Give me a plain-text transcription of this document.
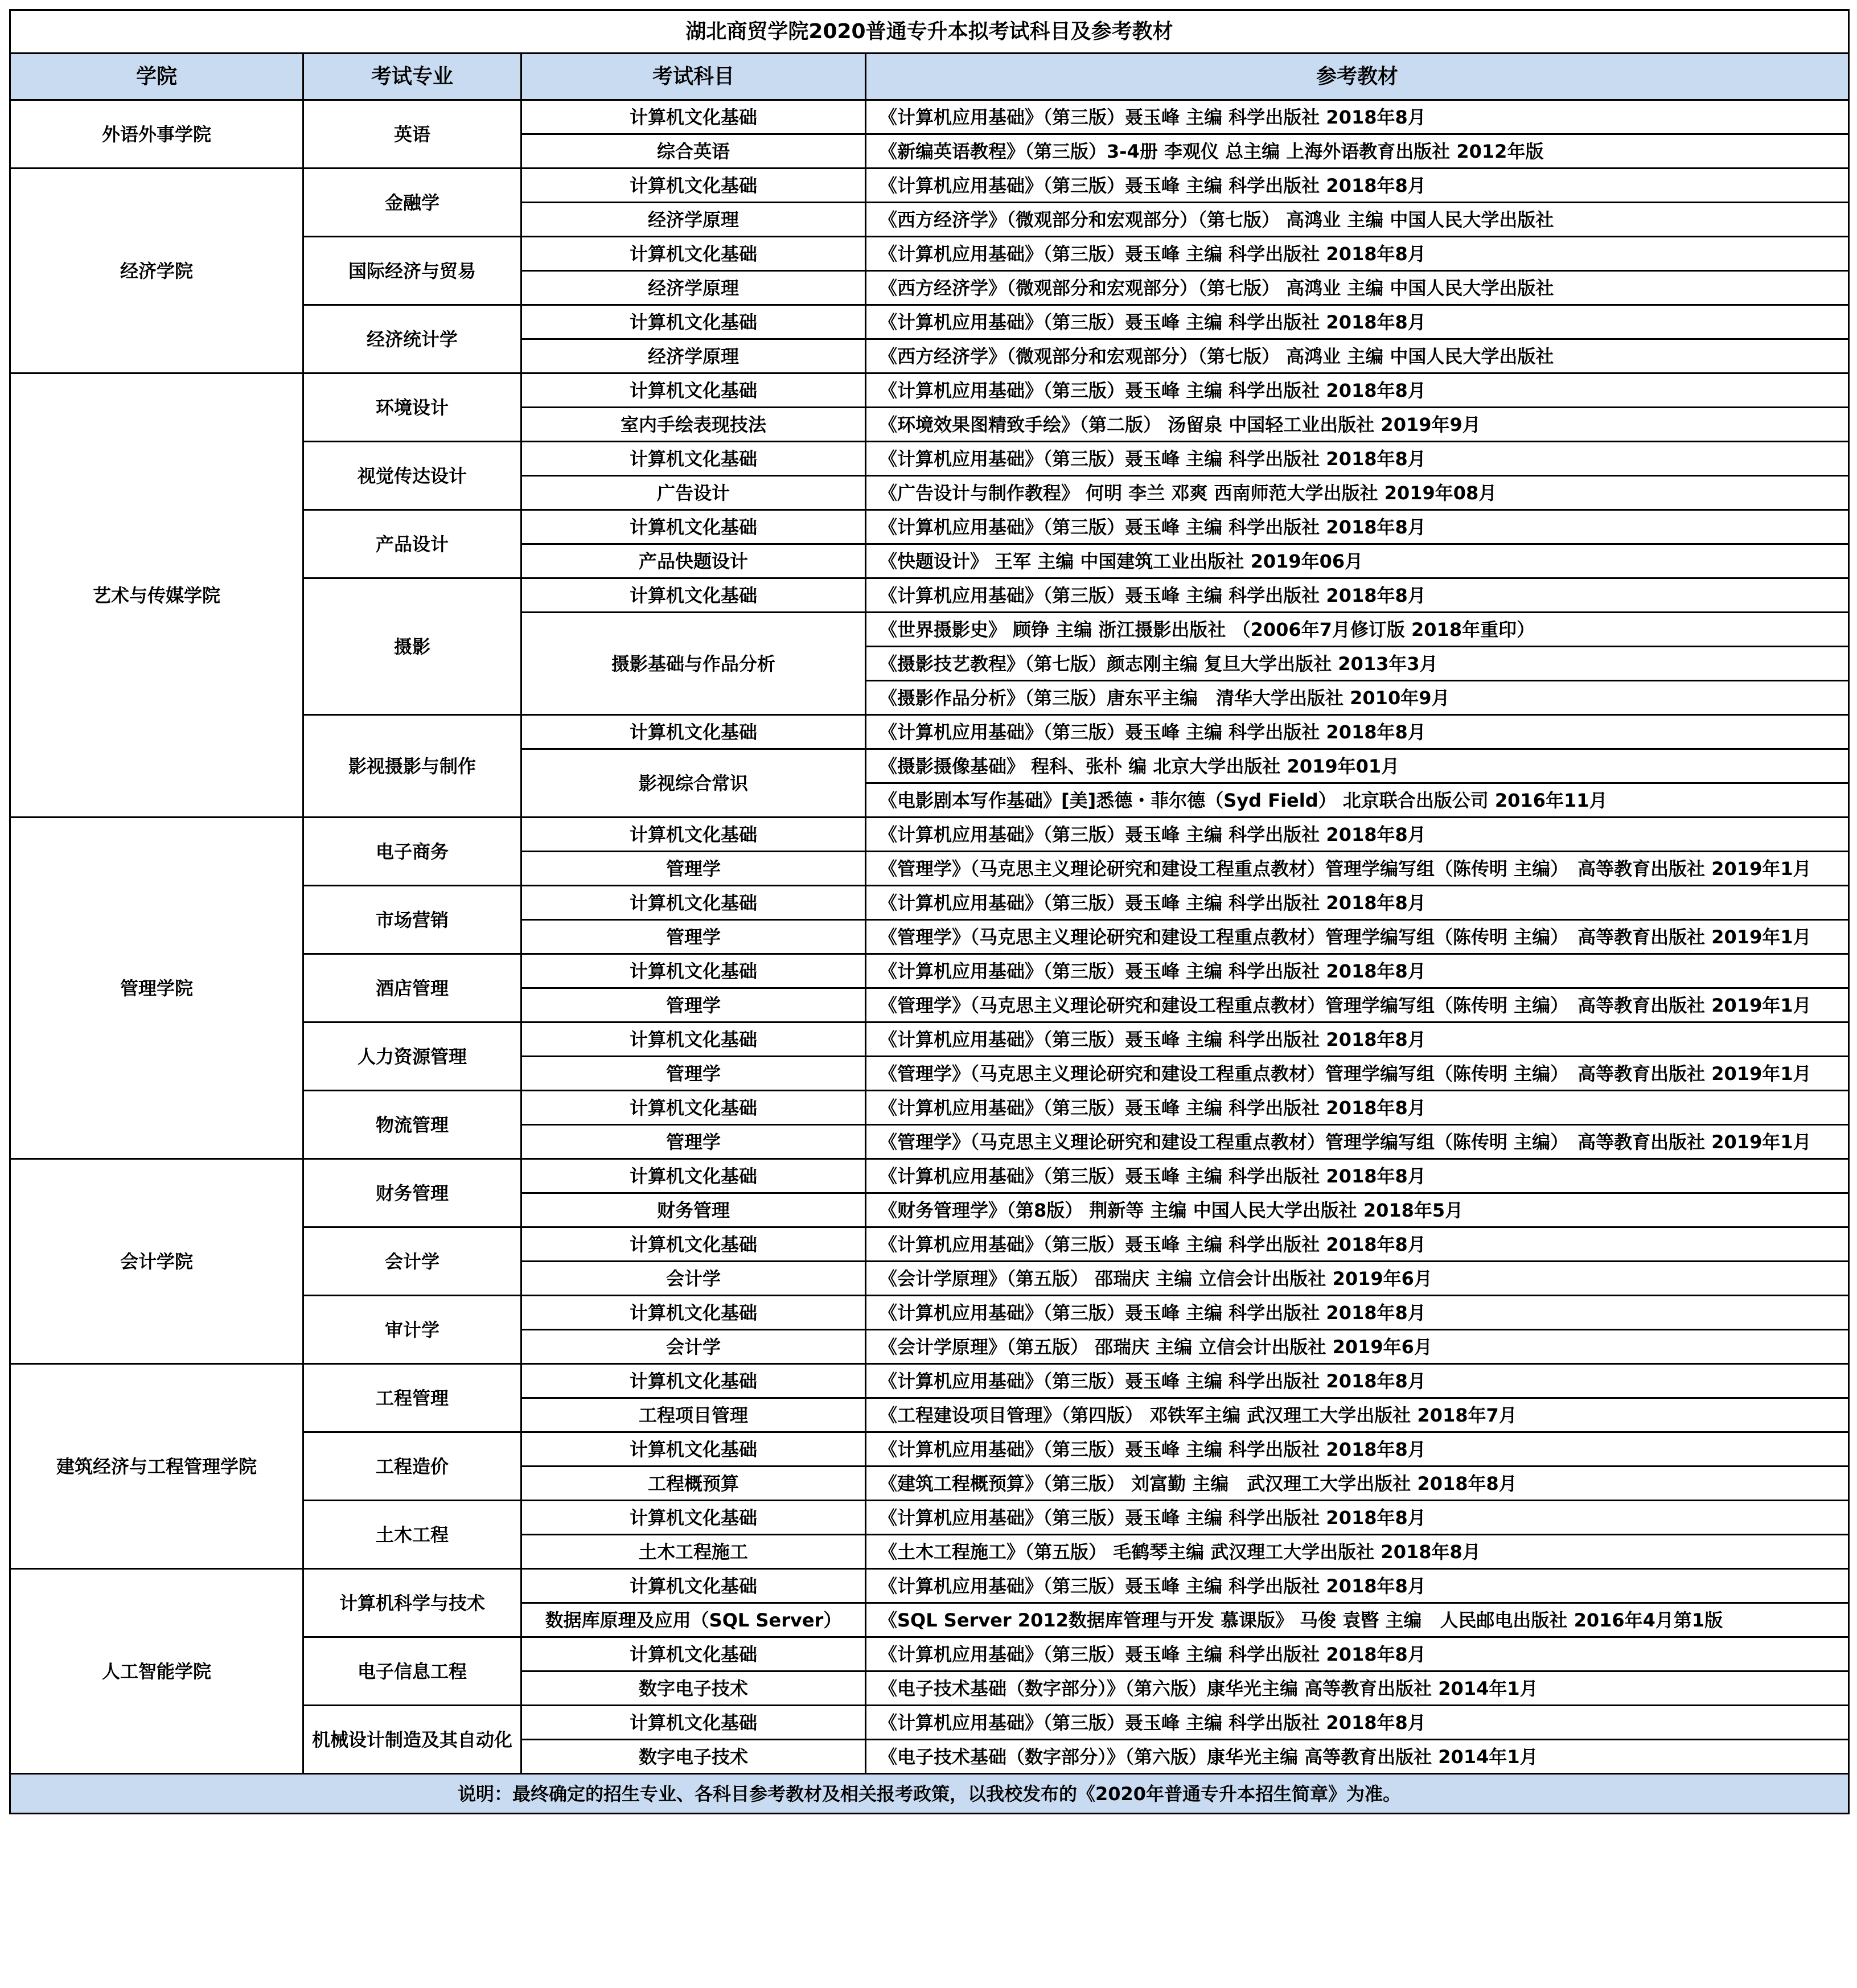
湖北商贸学院2020普通专升本拟考试科目及参考教材			
学院	考试专业	考试科目	参考教材
外语外事学院	英语	计算机文化基础	《计算机应用基础》（第三版）聂玉峰 主编 科学出版社 2018年8月
		综合英语	《新编英语教程》（第三版）3-4册 李观仪 总主编 上海外语教育出版社 2012年版
经济学院	金融学	计算机文化基础	《计算机应用基础》（第三版）聂玉峰 主编 科学出版社 2018年8月
		经济学原理	《西方经济学》（微观部分和宏观部分）（第七版） 高鸿业 主编 中国人民大学出版社
	国际经济与贸易	计算机文化基础	《计算机应用基础》（第三版）聂玉峰 主编 科学出版社 2018年8月
		经济学原理	《西方经济学》（微观部分和宏观部分）（第七版） 高鸿业 主编 中国人民大学出版社
	经济统计学	计算机文化基础	《计算机应用基础》（第三版）聂玉峰 主编 科学出版社 2018年8月
		经济学原理	《西方经济学》（微观部分和宏观部分）（第七版） 高鸿业 主编 中国人民大学出版社
艺术与传媒学院	环境设计	计算机文化基础	《计算机应用基础》（第三版）聂玉峰 主编 科学出版社 2018年8月
		室内手绘表现技法	《环境效果图精致手绘》（第二版） 汤留泉 中国轻工业出版社 2019年9月
	视觉传达设计	计算机文化基础	《计算机应用基础》（第三版）聂玉峰 主编 科学出版社 2018年8月
		广告设计	《广告设计与制作教程》 何明 李兰 邓爽 西南师范大学出版社 2019年08月
	产品设计	计算机文化基础	《计算机应用基础》（第三版）聂玉峰 主编 科学出版社 2018年8月
		产品快题设计	《快题设计》 王军 主编 中国建筑工业出版社 2019年06月
	摄影	计算机文化基础	《计算机应用基础》（第三版）聂玉峰 主编 科学出版社 2018年8月
		摄影基础与作品分析	《世界摄影史》 顾铮 主编 浙江摄影出版社 （2006年7月修订版 2018年重印）
			《摄影技艺教程》（第七版）颜志刚主编 复旦大学出版社 2013年3月
			《摄影作品分析》（第三版）唐东平主编　清华大学出版社 2010年9月
	影视摄影与制作	计算机文化基础	《计算机应用基础》（第三版）聂玉峰 主编 科学出版社 2018年8月
		影视综合常识	《摄影摄像基础》 程科、张朴 编 北京大学出版社 2019年01月
			《电影剧本写作基础》[美]悉德・菲尔德（Syd Field） 北京联合出版公司 2016年11月
管理学院	电子商务	计算机文化基础	《计算机应用基础》（第三版）聂玉峰 主编 科学出版社 2018年8月
		管理学	《管理学》（马克思主义理论研究和建设工程重点教材）管理学编写组（陈传明 主编）　高等教育出版社 2019年1月
	市场营销	计算机文化基础	《计算机应用基础》（第三版）聂玉峰 主编 科学出版社 2018年8月
		管理学	《管理学》（马克思主义理论研究和建设工程重点教材）管理学编写组（陈传明 主编）　高等教育出版社 2019年1月
	酒店管理	计算机文化基础	《计算机应用基础》（第三版）聂玉峰 主编 科学出版社 2018年8月
		管理学	《管理学》（马克思主义理论研究和建设工程重点教材）管理学编写组（陈传明 主编）　高等教育出版社 2019年1月
	人力资源管理	计算机文化基础	《计算机应用基础》（第三版）聂玉峰 主编 科学出版社 2018年8月
		管理学	《管理学》（马克思主义理论研究和建设工程重点教材）管理学编写组（陈传明 主编）　高等教育出版社 2019年1月
	物流管理	计算机文化基础	《计算机应用基础》（第三版）聂玉峰 主编 科学出版社 2018年8月
		管理学	《管理学》（马克思主义理论研究和建设工程重点教材）管理学编写组（陈传明 主编）　高等教育出版社 2019年1月
会计学院	财务管理	计算机文化基础	《计算机应用基础》（第三版）聂玉峰 主编 科学出版社 2018年8月
		财务管理	《财务管理学》（第8版） 荆新等 主编 中国人民大学出版社 2018年5月
	会计学	计算机文化基础	《计算机应用基础》（第三版）聂玉峰 主编 科学出版社 2018年8月
		会计学	《会计学原理》（第五版） 邵瑞庆 主编 立信会计出版社 2019年6月
	审计学	计算机文化基础	《计算机应用基础》（第三版）聂玉峰 主编 科学出版社 2018年8月
		会计学	《会计学原理》（第五版） 邵瑞庆 主编 立信会计出版社 2019年6月
建筑经济与工程管理学院	工程管理	计算机文化基础	《计算机应用基础》（第三版）聂玉峰 主编 科学出版社 2018年8月
		工程项目管理	《工程建设项目管理》（第四版） 邓铁军主编 武汉理工大学出版社 2018年7月
	工程造价	计算机文化基础	《计算机应用基础》（第三版）聂玉峰 主编 科学出版社 2018年8月
		工程概预算	《建筑工程概预算》（第三版） 刘富勤 主编　武汉理工大学出版社 2018年8月
	土木工程	计算机文化基础	《计算机应用基础》（第三版）聂玉峰 主编 科学出版社 2018年8月
		土木工程施工	《土木工程施工》（第五版） 毛鹤琴主编 武汉理工大学出版社 2018年8月
人工智能学院	计算机科学与技术	计算机文化基础	《计算机应用基础》（第三版）聂玉峰 主编 科学出版社 2018年8月
		数据库原理及应用（SQL Server）	《SQL Server 2012数据库管理与开发 慕课版》 马俊 袁暋 主编　人民邮电出版社 2016年4月第1版
	电子信息工程	计算机文化基础	《计算机应用基础》（第三版）聂玉峰 主编 科学出版社 2018年8月
		数字电子技术	《电子技术基础（数字部分）》（第六版）康华光主编 高等教育出版社 2014年1月
	机械设计制造及其自动化	计算机文化基础	《计算机应用基础》（第三版）聂玉峰 主编 科学出版社 2018年8月
		数字电子技术	《电子技术基础（数字部分）》（第六版）康华光主编 高等教育出版社 2014年1月
说明：最终确定的招生专业、各科目参考教材及相关报考政策，以我校发布的《2020年普通专升本招生简章》为准。			
